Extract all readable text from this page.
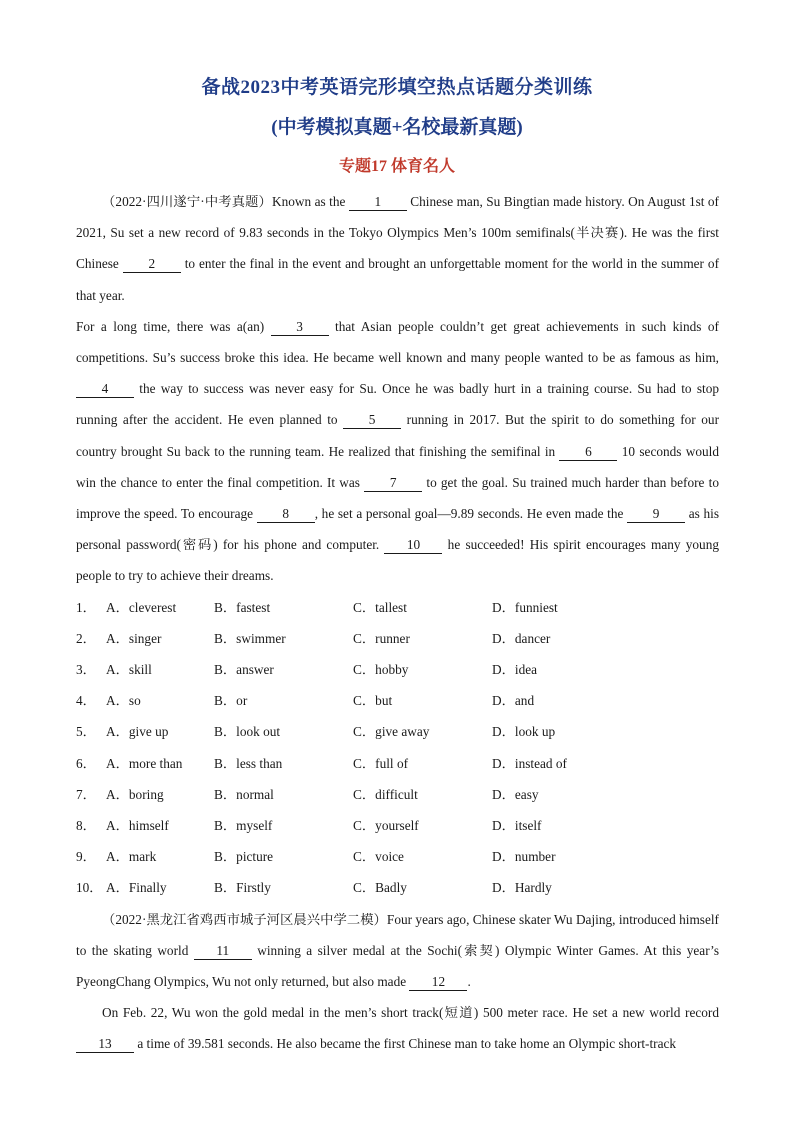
备战2023中考英语完形填空热点话题分类训练
(中考模拟真题+名校最新真题)
专题17 体育名人

（2022·四川遂宁·中考真题）Known as the 1 Chinese man, Su Bingtian made history. On August 1st of 2021, Su set a new record of 9.83 seconds in the Tokyo Olympics Men’s 100m semifinals(半决赛). He was the first Chinese 2 to enter the final in the event and brought an unforgettable moment for the world in the summer of that year.

For a long time, there was a(an) 3 that Asian people couldn’t get great achievements in such kinds of competitions. Su’s success broke this idea. He became well known and many people wanted to be as famous as him, 4 the way to success was never easy for Su. Once he was badly hurt in a training course. Su had to stop running after the accident. He even planned to 5 running in 2017. But the spirit to do something for our country brought Su back to the running team. He realized that finishing the semifinal in 6 10 seconds would win the chance to enter the final competition. It was 7 to get the goal. Su trained much harder than before to improve the speed. To encourage 8 , he set a personal goal—9.89 seconds. He even made the 9 as his personal password(密码) for his phone and computer. 10 he succeeded! His spirit encourages many young people to try to achieve their dreams.

1． A．cleverest	B．fastest	C．tallest	D．funniest
2． A．singer	B．swimmer	C．runner	D．dancer
3． A．skill	B．answer	C．hobby	D．idea
4． A．so	B．or	C．but	D．and
5． A．give up	B．look out	C．give away	D．look up
6． A．more than	B．less than	C．full of	D．instead of
7． A．boring	B．normal	C．difficult	D．easy
8． A．himself	B．myself	C．yourself	D．itself
9． A．mark	B．picture	C．voice	D．number
10． A．Finally	B．Firstly	C．Badly	D．Hardly

（2022·黑龙江省鸡西市城子河区晨兴中学二模）Four years ago, Chinese skater Wu Dajing, introduced himself to the skating world 11 winning a silver medal at the Sochi(索契) Olympic Winter Games. At this year’s PyeongChang Olympics, Wu not only returned, but also made 12 .

On Feb. 22, Wu won the gold medal in the men’s short track(短道) 500 meter race. He set a new world record 13 a time of 39.581 seconds. He also became the first Chinese man to take home an Olympic short-track
